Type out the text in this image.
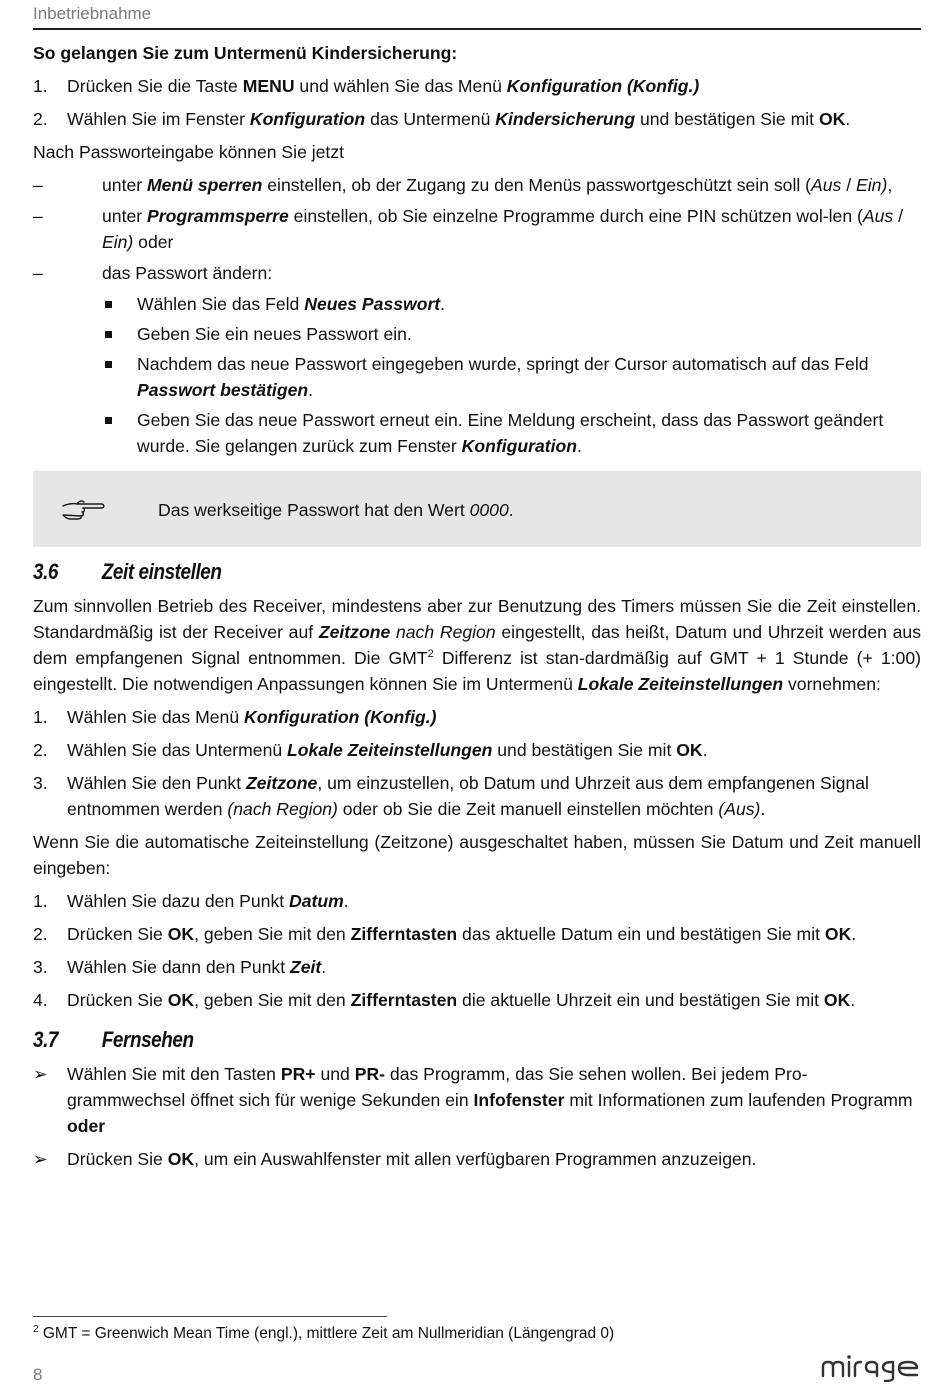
Inbetriebnahme

So gelangen Sie zum Untermenü Kindersicherung:

1. Drücken Sie die Taste MENU und wählen Sie das Menü Konfiguration (Konfig.)
2. Wählen Sie im Fenster Konfiguration das Untermenü Kindersicherung und bestätigen Sie mit OK.

Nach Passworteingabe können Sie jetzt

–	unter Menü sperren einstellen, ob der Zugang zu den Menüs passwortgeschützt sein soll (Aus / Ein),
–	unter Programmsperre einstellen, ob Sie einzelne Programme durch eine PIN schützen wol-len (Aus / Ein) oder
–	das Passwort ändern:
Wählen Sie das Feld Neues Passwort.
Geben Sie ein neues Passwort ein.
Nachdem das neue Passwort eingegeben wurde, springt der Cursor automatisch auf das Feld Passwort bestätigen.
Geben Sie das neue Passwort erneut ein. Eine Meldung erscheint, dass das Passwort geändert wurde. Sie gelangen zurück zum Fenster Konfiguration.
Das werkseitige Passwort hat den Wert 0000.
3.6 Zeit einstellen

Zum sinnvollen Betrieb des Receiver, mindestens aber zur Benutzung des Timers müssen Sie die Zeit einstellen. Standardmäßig ist der Receiver auf Zeitzone nach Region eingestellt, das heißt, Datum und Uhrzeit werden aus dem empfangenen Signal entnommen. Die GMT$^2$ Differenz ist stan-dardmäßig auf GMT + 1 Stunde (+ 1:00) eingestellt. Die notwendigen Anpassungen können Sie im Untermenü Lokale Zeiteinstellungen vornehmen:

1. Wählen Sie das Menü Konfiguration (Konfig.)
2. Wählen Sie das Untermenü Lokale Zeiteinstellungen und bestätigen Sie mit OK.
3. Wählen Sie den Punkt Zeitzone, um einzustellen, ob Datum und Uhrzeit aus dem empfangenen Signal entnommen werden (nach Region) oder ob Sie die Zeit manuell einstellen möchten (Aus).

Wenn Sie die automatische Zeiteinstellung (Zeitzone) ausgeschaltet haben, müssen Sie Datum und Zeit manuell eingeben:

1. Wählen Sie dazu den Punkt Datum.
2. Drücken Sie OK, geben Sie mit den Zifferntasten das aktuelle Datum ein und bestätigen Sie mit OK.
3. Wählen Sie dann den Punkt Zeit.
4. Drücken Sie OK, geben Sie mit den Zifferntasten die aktuelle Uhrzeit ein und bestätigen Sie mit OK.
3.7 Fernsehen
➢ Wählen Sie mit den Tasten PR+ und PR- das Programm, das Sie sehen wollen. Bei jedem Pro-grammwechsel öffnet sich für wenige Sekunden ein Infofenster mit Informationen zum laufenden Programm oder
➢ Drücken Sie OK, um ein Auswahlfenster mit allen verfügbaren Programmen anzuzeigen.
$^2$ GMT = Greenwich Mean Time (engl.), mittlere Zeit am Nullmeridian (Längengrad 0)
8
